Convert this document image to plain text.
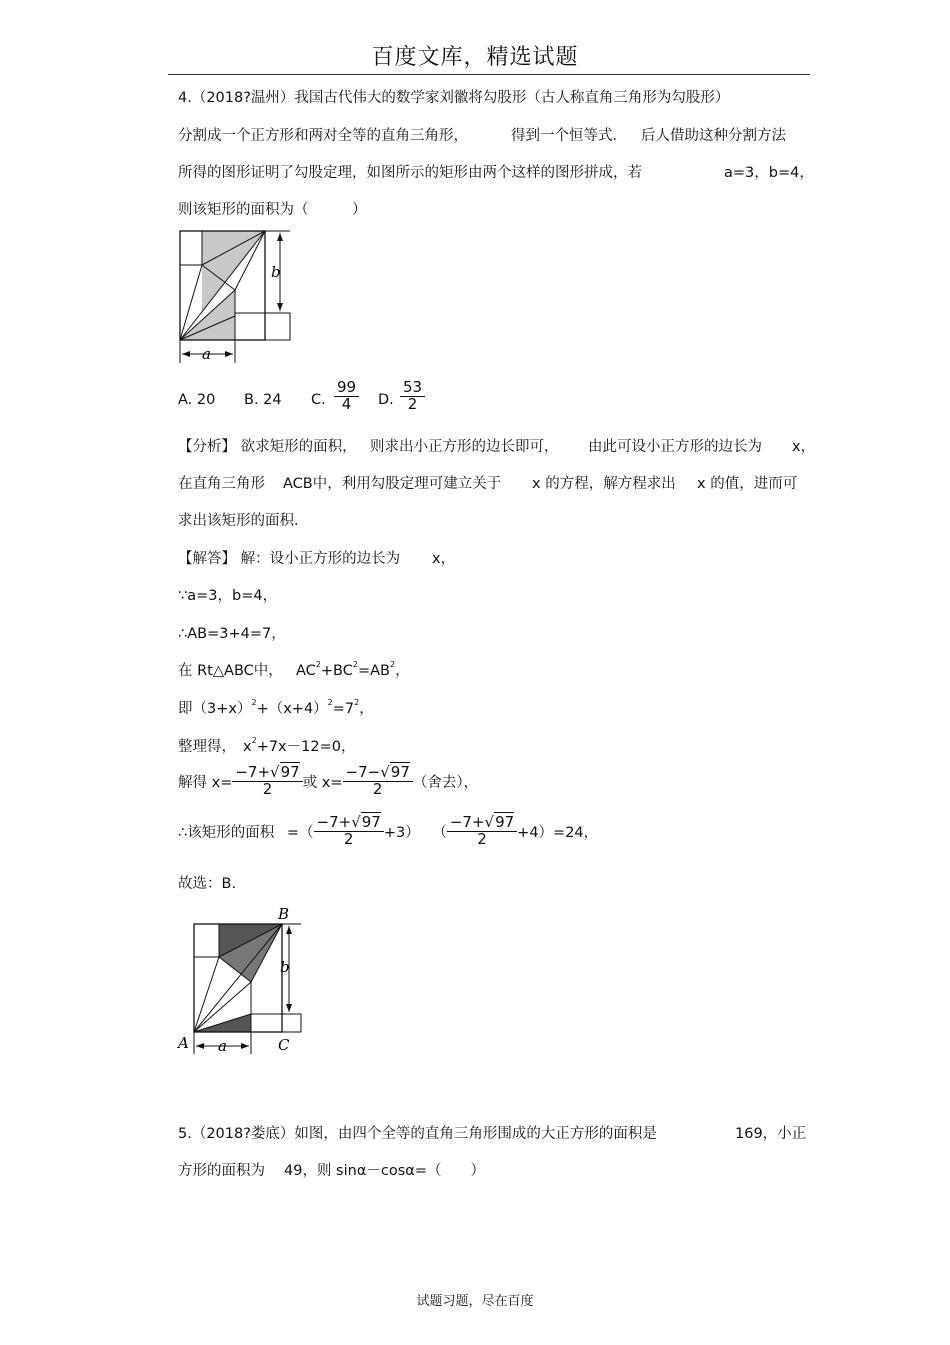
百度文库，精选试题
4.（2018?温州）我国古代伟大的数学家刘徽将勾股形（古人称直角三角形为勾股形）
分割成一个正方形和两对全等的直角三角形，	得到一个恒等式． 后人借助这种分割方法
所得的图形证明了勾股定理，如图所示的矩形由两个这样的图形拼成，若	a=3，b=4，
则该矩形的面积为（　　　）
b
a
A. 20 B. 24 C. $\frac{99}{4} D$. $\frac{53}{2}$
【分析】 欲求矩形的面积， 则求出小正方形的边长即可， 由此可设小正方形的边长为 x，
在直角三角形 ACB中，利用勾股定理可建立关于 x 的方程，解方程求出 x 的值，进而可
求出该矩形的面积.
【解答】 解：设小正方形的边长为 x，
∵a=3，b=4，
∴AB=3+4=7，
在 Rt△ABC中， $AC^2+BC^2=AB^2$，
即$(3+x)^2+(x+4)^2=7^2$，
整理得， $x^2+7x-12=0$，
解得 $x= \frac{-7+√97}{2}$ 或 $x= \frac{-7-√97}{2}$ （舍去），
∴该矩形的面积 =（ $\frac{-7+√97}{2} +3$） （ $\frac{-7+√97}{2} +4)=24$，
故选：B.
b
B
A	C
a
5.（2018?娄底）如图，由四个全等的直角三角形围成的大正方形的面积是	169，小正
方形的面积为 49，则 sinα－cosα=（　　）
试题习题，尽在百度
